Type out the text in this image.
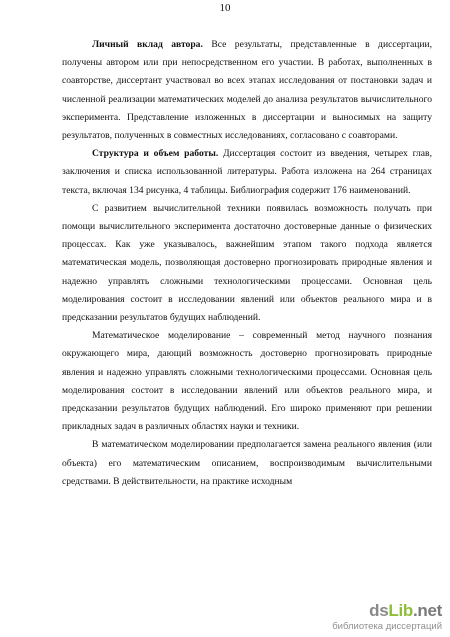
10

Личный вклад автора. Все результаты, представленные в диссертации, получены автором или при непосредственном его участии. В работах, выполненных в соавторстве, диссертант участвовал во всех этапах исследования от постановки задач и численной реализации математических моделей до анализа результатов вычислительного эксперимента. Представление изложенных в диссертации и выносимых на защиту результатов, полученных в совместных исследованиях, согласовано с соавторами.

Структура и объем работы. Диссертация состоит из введения, четырех глав, заключения и списка использованной литературы. Работа изложена на 264 страницах текста, включая 134 рисунка, 4 таблицы. Библиография содержит 176 наименований.

С развитием вычислительной техники появилась возможность получать при помощи вычислительного эксперимента достаточно достоверные данные о физических процессах. Как уже указывалось, важнейшим этапом такого подхода является математическая модель, позволяющая достоверно прогнозировать природные явления и надежно управлять сложными технологическими процессами. Основная цель моделирования состоит в исследовании явлений или объектов реального мира и в предсказании результатов будущих наблюдений.

Математическое моделирование – современный метод научного познания окружающего мира, дающий возможность достоверно прогнозировать природные явления и надежно управлять сложными технологическими процессами. Основная цель моделирования состоит в исследовании явлений или объектов реального мира, и предсказании результатов будущих наблюдений. Его широко применяют при решении прикладных задач в различных областях науки и техники.

В математическом моделировании предполагается замена реального явления (или объекта) его математическим описанием, воспроизводимым вычислительными средствами. В действительности, на практике исходным

dsLib.net
библиотека диссертаций
